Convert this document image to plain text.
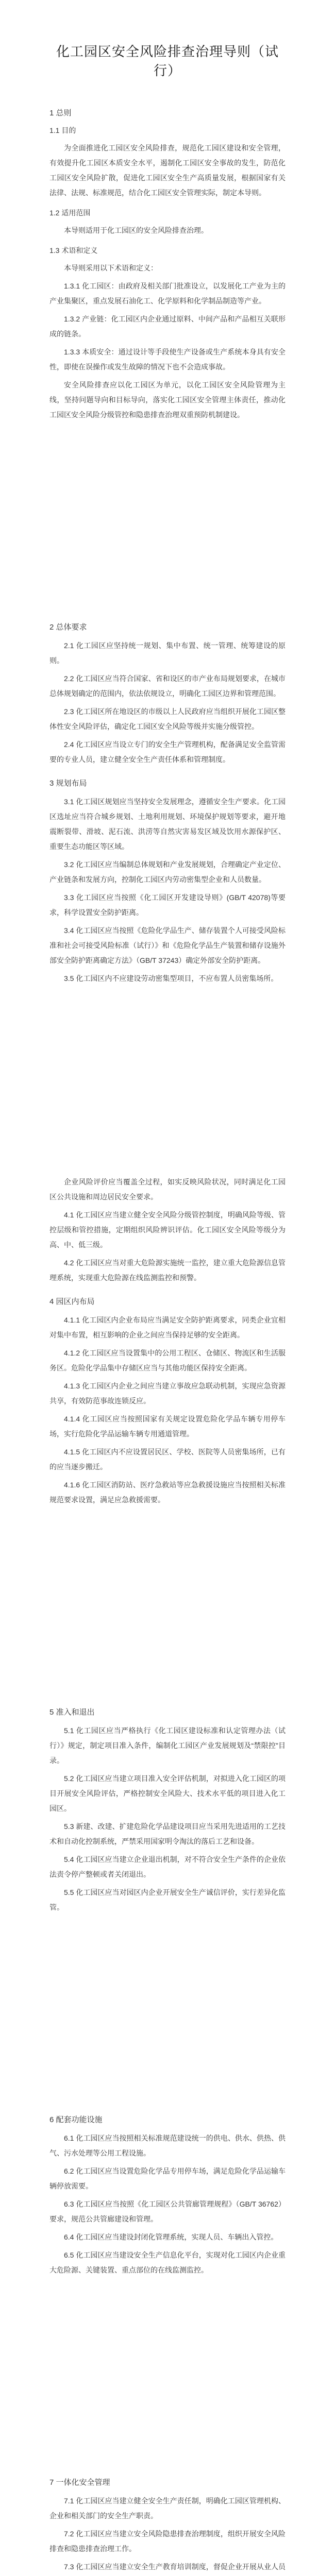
化工园区安全风险排查治理导则（试行）
1 总则
1.1 目的

为全面推进化工园区安全风险排查，规范化工园区建设和安全管理，有效提升化工园区本质安全水平，遏制化工园区安全事故的发生，防范化工园区安全风险扩散，促进化工园区安全生产高质量发展，根据国家有关法律、法规、标准规范，结合化工园区安全管理实际，制定本导则。

1.2 适用范围

本导则适用于化工园区的安全风险排查治理。

1.3 术语和定义

本导则采用以下术语和定义：

1.3.1 化工园区：由政府及相关部门批准设立，以发展化工产业为主的产业集聚区，重点发展石油化工、化学原料和化学制品制造等产业。

1.3.2 产业链：化工园区内企业通过原料、中间产品和产品相互关联形成的链条。

1.3.3 本质安全：通过设计等手段使生产设备或生产系统本身具有安全性，即使在误操作或发生故障的情况下也不会造成事故。

安全风险排查应以化工园区为单元，以化工园区安全风险管理为主线，坚持问题导向和目标导向，落实化工园区安全管理主体责任，推动化工园区安全风险分级管控和隐患排查治理双重预防机制建设。

2 总体要求

2.1 化工园区应坚持统一规划、集中布置、统一管理、统筹建设的原则。

2.2 化工园区应当符合国家、省和设区的市产业布局规划要求，在城市总体规划确定的范围内，依法依规设立，明确化工园区边界和管理范围。

2.3 化工园区所在地设区的市级以上人民政府应当组织开展化工园区整体性安全风险评估，确定化工园区安全风险等级并实施分级管控。

2.4 化工园区应当设立专门的安全生产管理机构，配备满足安全监管需要的专业人员，建立健全安全生产责任体系和管理制度。

3 规划布局

3.1 化工园区规划应当坚持安全发展理念，遵循安全生产要求。化工园区选址应当符合城乡规划、土地利用规划、环境保护规划等要求，避开地震断裂带、滑坡、泥石流、洪涝等自然灾害易发区域及饮用水源保护区、重要生态功能区等区域。

3.2 化工园区应当编制总体规划和产业发展规划，合理确定产业定位、产业链条和发展方向，控制化工园区内劳动密集型企业和人员数量。

3.3 化工园区应当按照《化工园区开发建设导则》(GB/T 42078)等要求，科学设置安全防护距离。

3.4 化工园区应当按照《危险化学品生产、储存装置个人可接受风险标准和社会可接受风险标准（试行）》和《危险化学品生产装置和储存设施外部安全防护距离确定方法》（GB/T 37243）确定外部安全防护距离。

3.5 化工园区内不应建设劳动密集型项目，不应布置人员密集场所。

企业风险评价应当覆盖全过程，如实反映风险状况，同时满足化工园区公共设施和周边居民安全要求。

4.1 化工园区应当建立健全安全风险分级管控制度，明确风险等级、管控层级和管控措施，定期组织风险辨识评估。化工园区安全风险等级分为高、中、低三级。

4.2 化工园区应当对重大危险源实施统一监控，建立重大危险源信息管理系统，实现重大危险源在线监测监控和预警。

4 园区内布局

4.1.1 化工园区内企业布局应当满足安全防护距离要求，同类企业宜相对集中布置，相互影响的企业之间应当保持足够的安全距离。

4.1.2 化工园区应当设置集中的公用工程区、仓储区、物流区和生活服务区。危险化学品集中存储区应当与其他功能区保持安全距离。

4.1.3 化工园区内企业之间应当建立事故应急联动机制，实现应急资源共享，有效防范事故连锁反应。

4.1.4 化工园区应当按照国家有关规定设置危险化学品车辆专用停车场，实行危险化学品运输车辆专用通道管理。

4.1.5 化工园区内不应设置居民区、学校、医院等人员密集场所，已有的应当逐步搬迁。

4.1.6 化工园区消防站、医疗急救站等应急救援设施应当按照相关标准规范要求设置，满足应急救援需要。

5 准入和退出

5.1 化工园区应当严格执行《化工园区建设标准和认定管理办法（试行）》规定，制定项目准入条件，编制化工园区产业发展规划及“禁限控”目录。

5.2 化工园区应当建立项目准入安全评估机制，对拟进入化工园区的项目开展安全风险评估，严格控制安全风险大、技术水平低的项目进入化工园区。

5.3 新建、改建、扩建危险化学品建设项目应当采用先进适用的工艺技术和自动化控制系统，严禁采用国家明令淘汰的落后工艺和设备。

5.4 化工园区应当建立企业退出机制，对不符合安全生产条件的企业依法责令停产整顿或者关闭退出。

5.5 化工园区应当对园区内企业开展安全生产诚信评价，实行差异化监管。

6 配套功能设施

6.1 化工园区应当按照相关标准规范建设统一的供电、供水、供热、供气、污水处理等公用工程设施。

6.2 化工园区应当设置危险化学品专用停车场，满足危险化学品运输车辆停放需要。

6.3 化工园区应当按照《化工园区公共管廊管理规程》（GB/T 36762）要求，规范公共管廊建设和管理。

6.4 化工园区应当建设封闭化管理系统，实现人员、车辆出入管控。

6.5 化工园区应当建设安全生产信息化平台，实现对化工园区内企业重大危险源、关键装置、重点部位的在线监测监控。

7 一体化安全管理

7.1 化工园区应当建立健全安全生产责任制，明确化工园区管理机构、企业和相关部门的安全生产职责。

7.2 化工园区应当建立安全风险隐患排查治理制度，组织开展安全风险排查和隐患排查治理工作。

7.3 化工园区应当建立安全生产教育培训制度，督促企业开展从业人员
